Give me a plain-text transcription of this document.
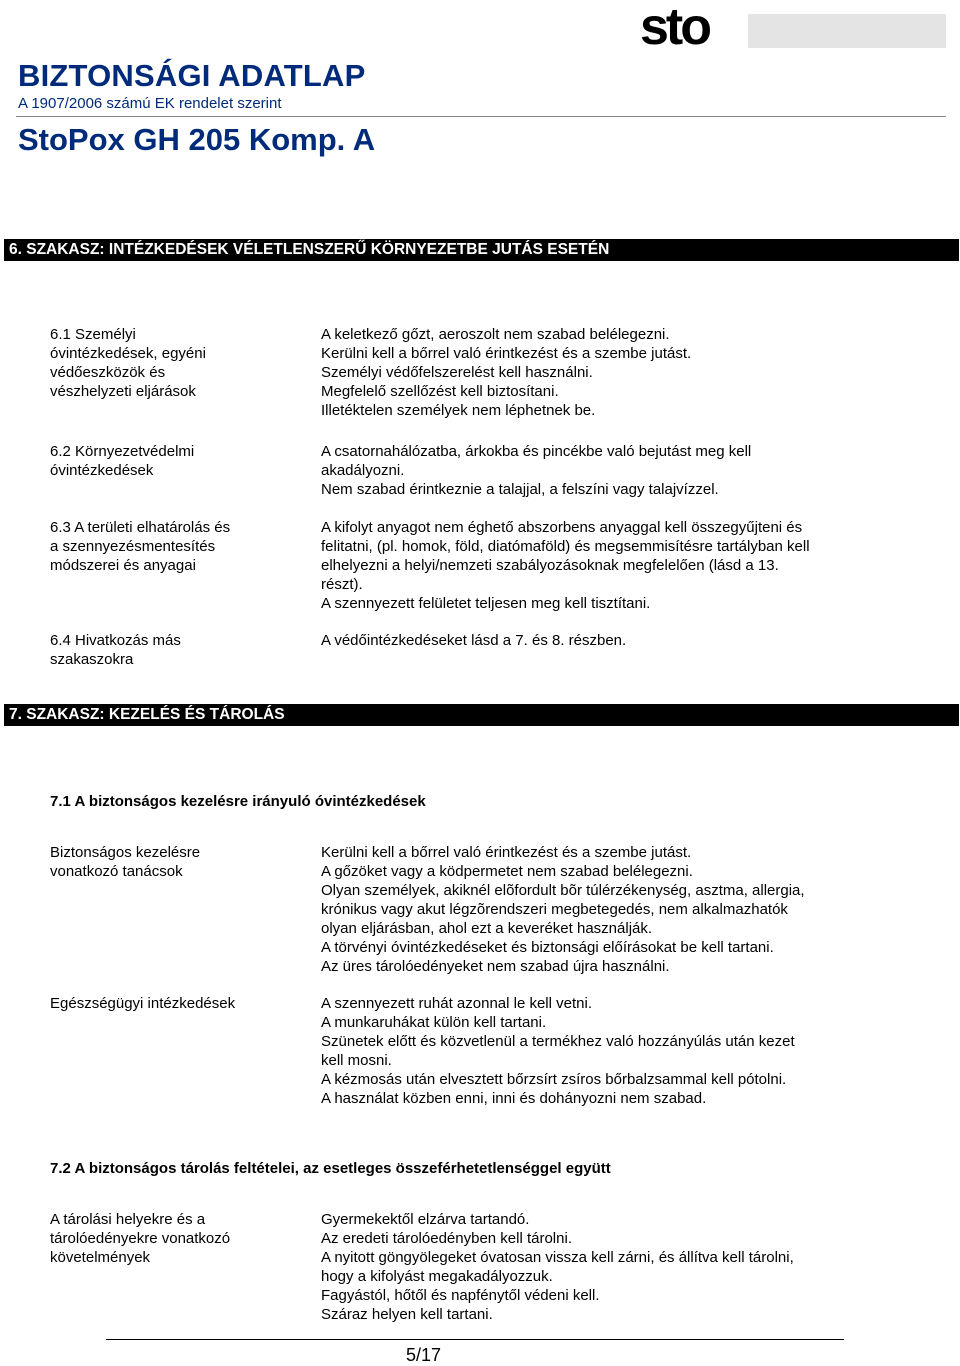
BIZTONSÁGI ADATLAP
A 1907/2006 számú EK rendelet szerint
StoPox GH 205 Komp. A
sto
6. SZAKASZ: INTÉZKEDÉSEK VÉLETLENSZERŰ KÖRNYEZETBE JUTÁS ESETÉN
6.1 Személyi
óvintézkedések, egyéni
védőeszközök és
vészhelyzeti eljárások
A keletkező gőzt, aeroszolt nem szabad belélegezni.
Kerülni kell a bőrrel való érintkezést és a szembe jutást.
Személyi védőfelszerelést kell használni.
Megfelelő szellőzést kell biztosítani.
Illetéktelen személyek nem léphetnek be.
6.2 Környezetvédelmi
óvintézkedések
A csatornahálózatba, árkokba és pincékbe való bejutást meg kell
akadályozni.
Nem szabad érintkeznie a talajjal, a felszíni vagy talajvízzel.
6.3 A területi elhatárolás és
a szennyezésmentesítés
módszerei és anyagai
A kifolyt anyagot nem éghető abszorbens anyaggal kell összegyűjteni és
felitatni, (pl. homok, föld, diatómaföld) és megsemmisítésre tartályban kell
elhelyezni a helyi/nemzeti szabályozásoknak megfelelően (lásd a 13.
részt).
A szennyezett felületet teljesen meg kell tisztítani.
6.4 Hivatkozás más
szakaszokra
A védőintézkedéseket lásd a 7. és 8. részben.
7. SZAKASZ: KEZELÉS ÉS TÁROLÁS
7.1 A biztonságos kezelésre irányuló óvintézkedések
Biztonságos kezelésre
vonatkozó tanácsok
Kerülni kell a bőrrel való érintkezést és a szembe jutást.
A gőzöket vagy a ködpermetet nem szabad belélegezni.
Olyan személyek, akiknél elõfordult bõr túlérzékenység, asztma, allergia,
krónikus vagy akut légzõrendszeri megbetegedés, nem alkalmazhatók
olyan eljárásban, ahol ezt a keveréket használják.
A törvényi óvintézkedéseket és biztonsági előírásokat be kell tartani.
Az üres tárolóedényeket nem szabad újra használni.
Egészségügyi intézkedések	A szennyezett ruhát azonnal le kell vetni.
A munkaruhákat külön kell tartani.
Szünetek előtt és közvetlenül a termékhez való hozzányúlás után kezet
kell mosni.
A kézmosás után elvesztett bőrzsírt zsíros bőrbalzsammal kell pótolni.
A használat közben enni, inni és dohányozni nem szabad.
7.2 A biztonságos tárolás feltételei, az esetleges összeférhetetlenséggel együtt
A tárolási helyekre és a
tárolóedényekre vonatkozó
követelmények
Gyermekektől elzárva tartandó.
Az eredeti tárolóedényben kell tárolni.
A nyitott göngyölegeket óvatosan vissza kell zárni, és állítva kell tárolni,
hogy a kifolyást megakadályozzuk.
Fagyástól, hőtől és napfénytől védeni kell.
Száraz helyen kell tartani.
5/17
